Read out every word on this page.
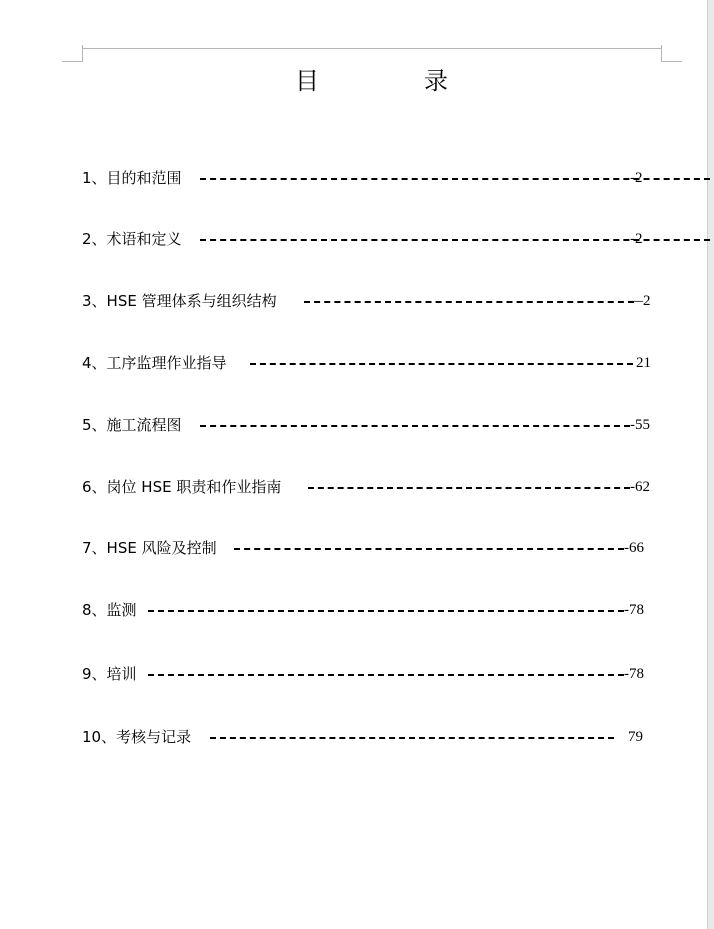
目	录
1、目的和范围	-2
2、术语和定义	-2
3、HSE 管理体系与组织结构	—2
4、工序监理作业指导	21
5、施工流程图	-55
6、岗位 HSE 职责和作业指南	-62
7、HSE 风险及控制	-66
8、监测	-78
9、培训	-78
10、考核与记录	79
